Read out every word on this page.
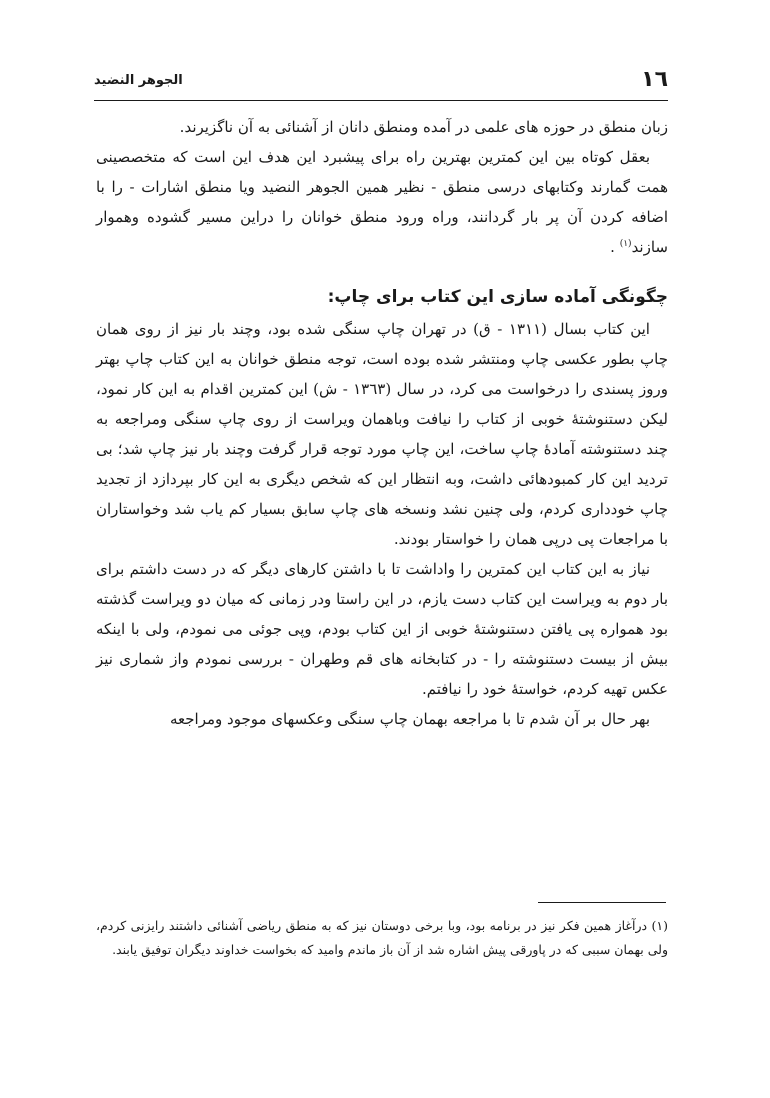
١٦
الجوهر النضيد

زبان منطق در حوزه های علمی در آمده ومنطق دانان از آشنائی به آن ناگزیرند.

بعقل کوتاه بین این کمترین بهترین راه برای پیشبرد این هدف این است که متخصصینی همت گمارند وکتابهای درسی منطق - نظیر همین الجوهر النضید ویا منطق اشارات - را با اضافه کردن آن پر بار گردانند، وراه ورود منطق خوانان را دراین مسیر گشوده وهموار سازند$^{(١)}$ .

چگونگی آماده سازی این کتاب برای چاپ:

این کتاب بسال (١٣١١ - ق) در تهران چاپ سنگی شده بود، وچند بار نیز از روی همان چاپ بطور عکسی چاپ ومنتشر شده بوده است، توجه منطق خوانان به این کتاب چاپ بهتر وروز پسندی را درخواست می کرد، در سال (١٣٦٣ - ش) این کمترین اقدام به این کار نمود، لیکن دستنوشتهٔ خوبی از کتاب را نیافت وباهمان ویراست از روی چاپ سنگی ومراجعه به چند دستنوشته آمادهٔ چاپ ساخت، این چاپ مورد توجه قرار گرفت وچند بار نیز چاپ شد؛ بی تردید این کار کمبودهائی داشت، وبه انتظار این که شخص دیگری به این کار بپردازد از تجدید چاپ خودداری کردم، ولی چنین نشد ونسخه های چاپ سابق بسیار کم یاب شد وخواستاران با مراجعات پی درپی همان را خواستار بودند.

نیاز به این کتاب این کمترین را واداشت تا با داشتن کارهای دیگر که در دست داشتم برای بار دوم به ویراست این کتاب دست یازم، در این راستا ودر زمانی که میان دو ویراست گذشته بود همواره پی یافتن دستنوشتهٔ خوبی از این کتاب بودم، وپی جوئی می نمودم، ولی با اینکه بیش از بیست دستنوشته را - در کتابخانه های قم وطهران - بررسی نمودم واز شماری نیز عکس تهیه کردم، خواستهٔ خود را نیافتم.

بهر حال بر آن شدم تا با مراجعه بهمان چاپ سنگی وعکسهای موجود ومراجعه

(١) درآغاز همین فکر نیز در برنامه بود، وبا برخی دوستان نیز که به منطق ریاضی آشنائی داشتند رایزنی کردم، ولی بهمان سببی که در پاورقی پیش اشاره شد از آن باز ماندم وامید که بخواست خداوند دیگران توفیق یابند.
